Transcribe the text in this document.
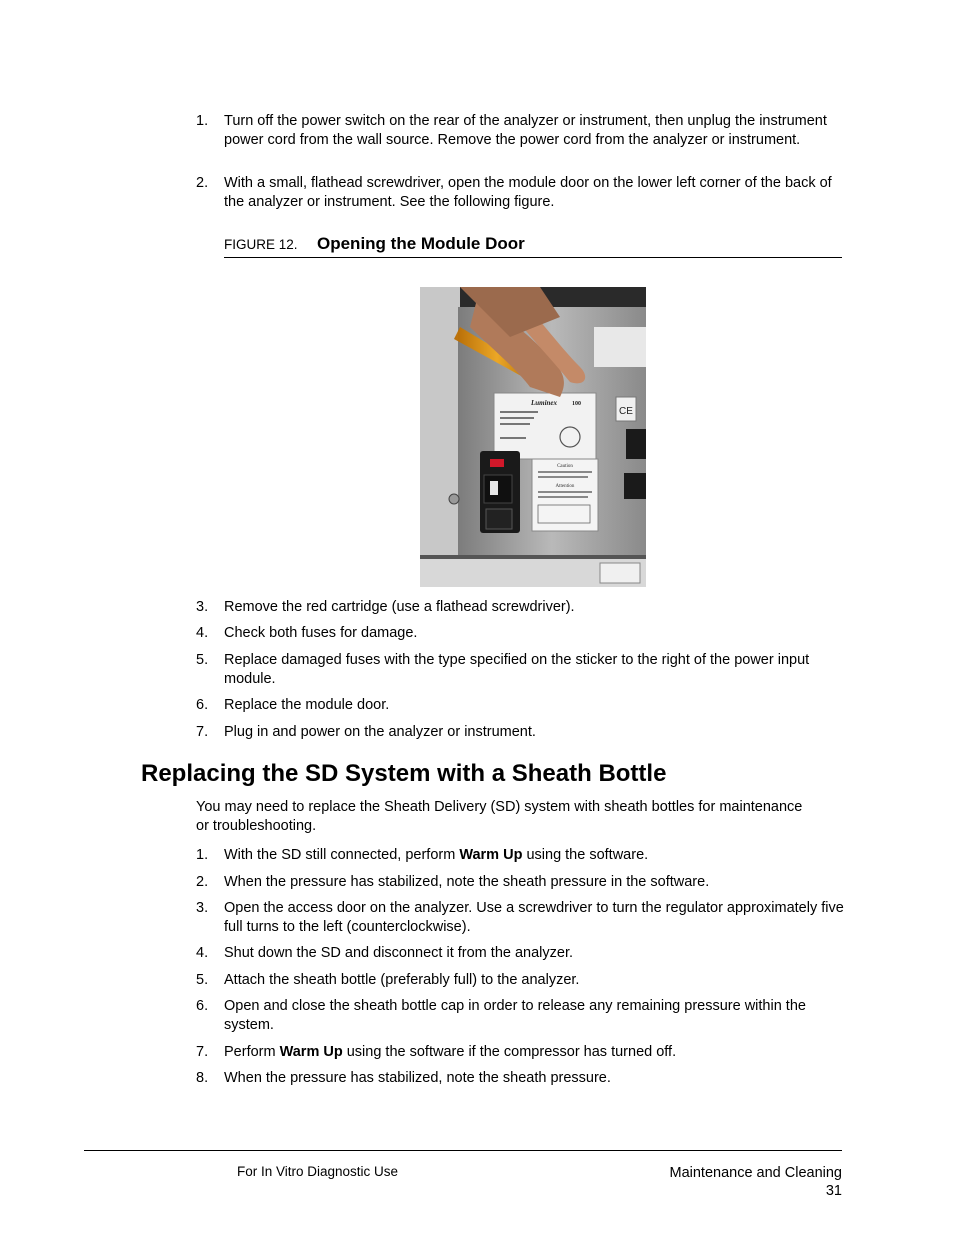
1. Turn off the power switch on the rear of the analyzer or instrument, then unplug the instrument power cord from the wall source. Remove the power cord from the analyzer or instrument.
2. With a small, flathead screwdriver, open the module door on the lower left corner of the back of the analyzer or instrument. See the following figure.
FIGURE 12. Opening the Module Door
Luminex 100
CE
Caution
Attention
3. Remove the red cartridge (use a flathead screwdriver).
4. Check both fuses for damage.
5. Replace damaged fuses with the type specified on the sticker to the right of the power input module.
6. Replace the module door.
7. Plug in and power on the analyzer or instrument.
Replacing the SD System with a Sheath Bottle
You may need to replace the Sheath Delivery (SD) system with sheath bottles for maintenance or troubleshooting.
1. With the SD still connected, perform Warm Up using the software.
2. When the pressure has stabilized, note the sheath pressure in the software.
3. Open the access door on the analyzer. Use a screwdriver to turn the regulator approximately five full turns to the left (counterclockwise).
4. Shut down the SD and disconnect it from the analyzer.
5. Attach the sheath bottle (preferably full) to the analyzer.
6. Open and close the sheath bottle cap in order to release any remaining pressure within the system.
7. Perform Warm Up using the software if the compressor has turned off.
8. When the pressure has stabilized, note the sheath pressure.
For In Vitro Diagnostic Use	Maintenance and Cleaning
31
